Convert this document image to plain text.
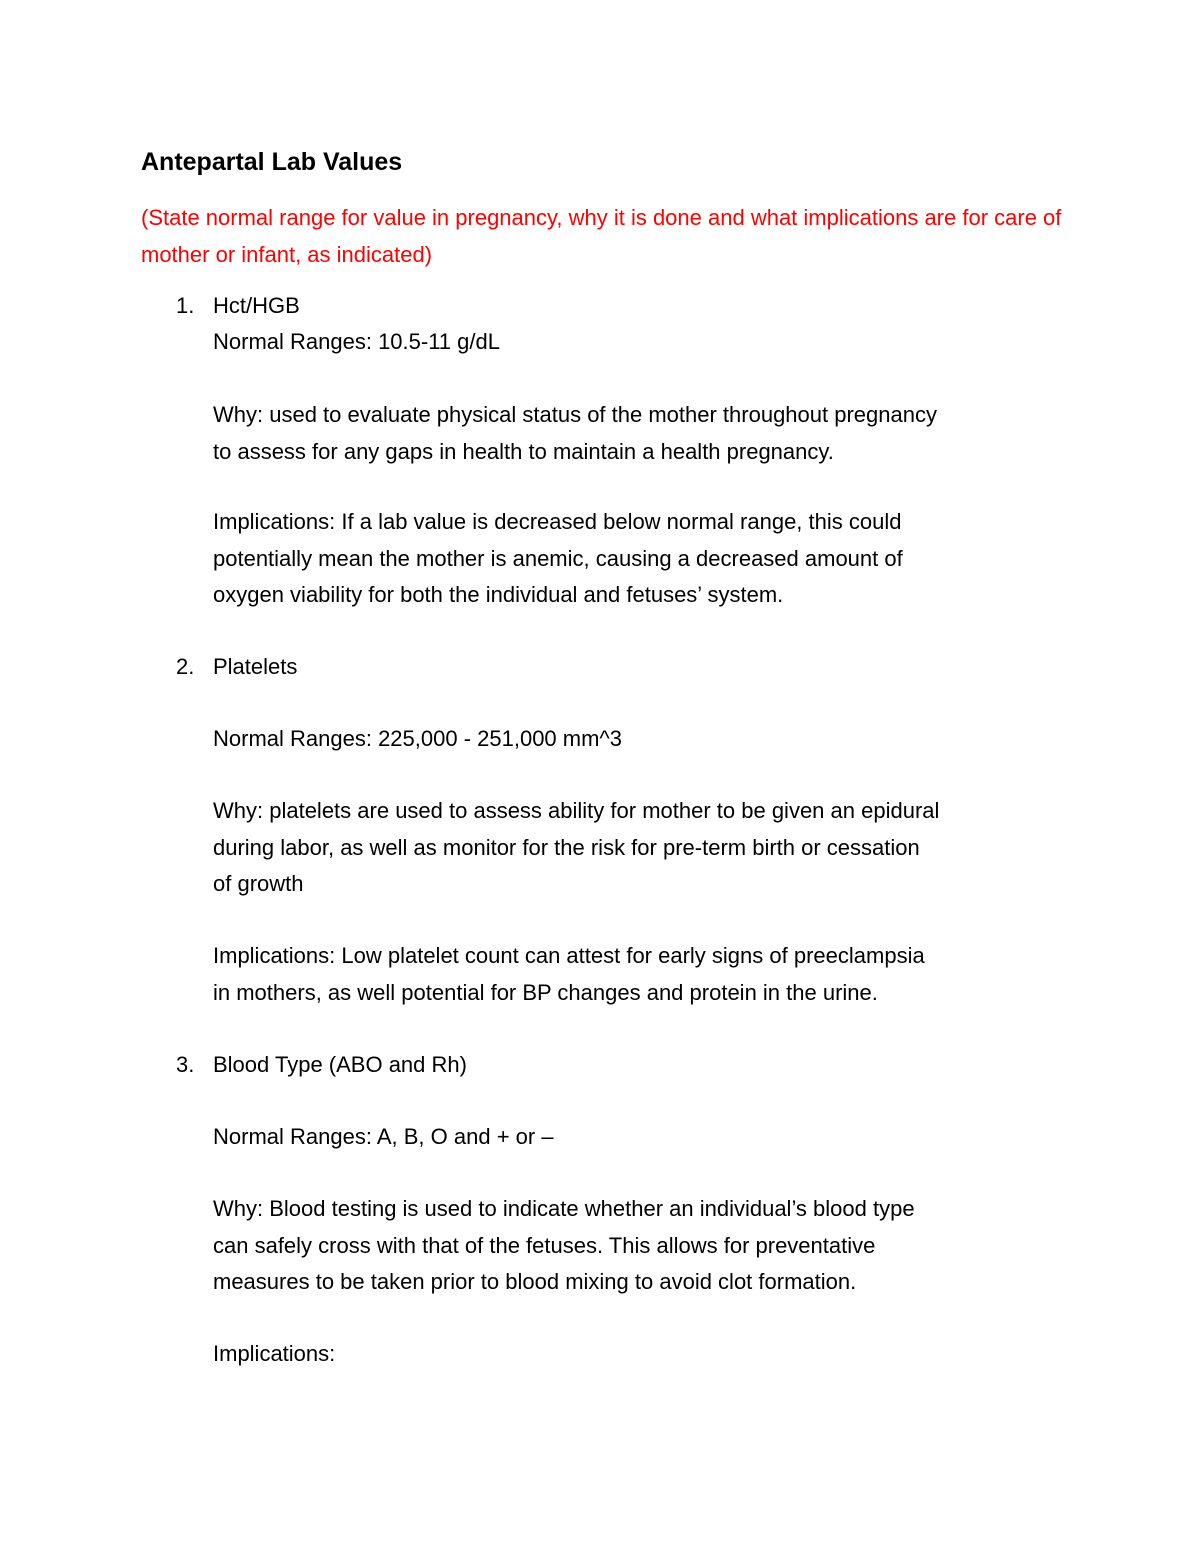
Antepartal Lab Values
(State normal range for value in pregnancy, why it is done and what implications are for care of mother or infant, as indicated)
1. Hct/HGB
Normal Ranges: 10.5-11 g/dL
Why: used to evaluate physical status of the mother throughout pregnancy
to assess for any gaps in health to maintain a health pregnancy.
Implications: If a lab value is decreased below normal range, this could
potentially mean the mother is anemic, causing a decreased amount of
oxygen viability for both the individual and fetuses’ system.
2. Platelets
Normal Ranges: 225,000 - 251,000 mm^3
Why: platelets are used to assess ability for mother to be given an epidural
during labor, as well as monitor for the risk for pre-term birth or cessation
of growth
Implications: Low platelet count can attest for early signs of preeclampsia
in mothers, as well potential for BP changes and protein in the urine.
3. Blood Type (ABO and Rh)
Normal Ranges: A, B, O and + or –
Why: Blood testing is used to indicate whether an individual’s blood type
can safely cross with that of the fetuses. This allows for preventative
measures to be taken prior to blood mixing to avoid clot formation.
Implications:
